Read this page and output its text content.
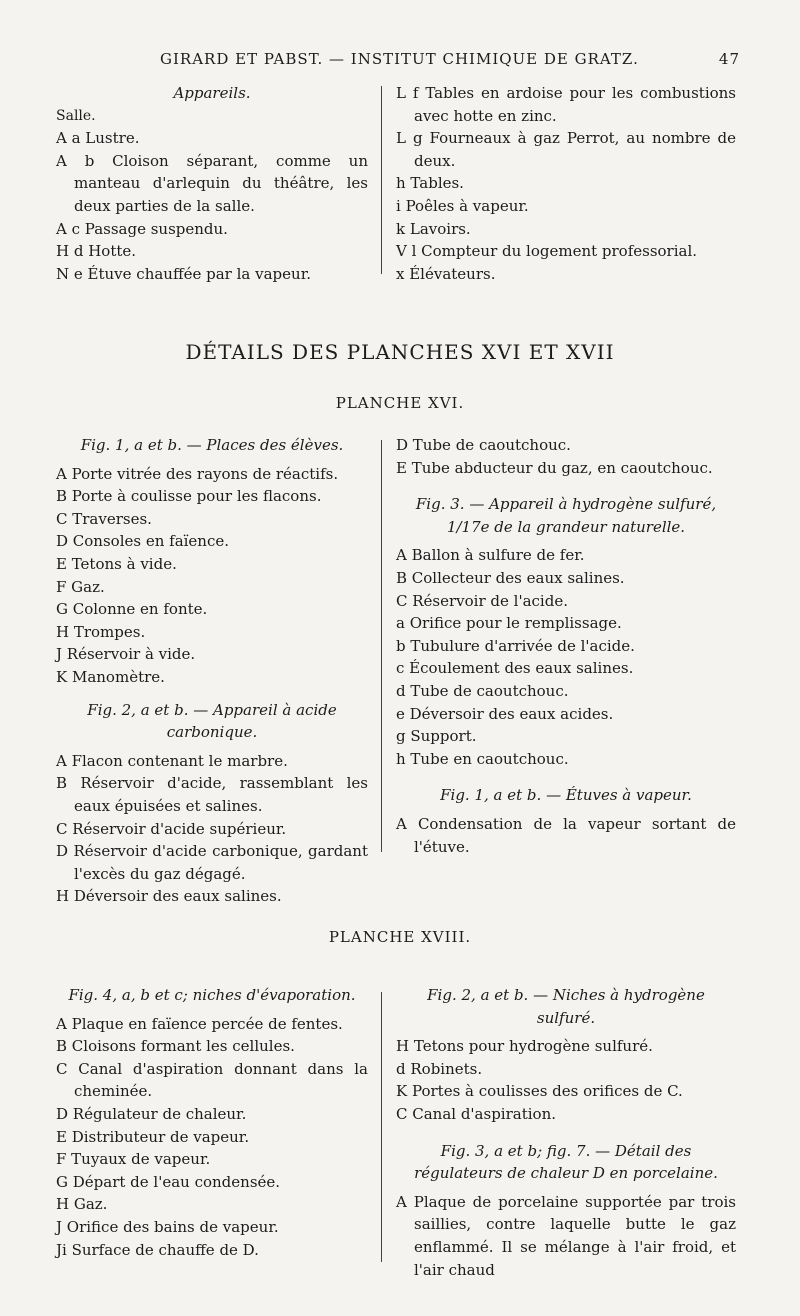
GIRARD ET PABST. — INSTITUT CHIMIQUE DE GRATZ.	47

Appareils.

Salle.

A a Lustre.

A b Cloison séparant, comme un manteau d'arlequin du théâtre, les deux parties de la salle.

A c Passage suspendu.

H d Hotte.

N e Étuve chauffée par la vapeur.

L f Tables en ardoise pour les combustions avec hotte en zinc.

L g Fourneaux à gaz Perrot, au nombre de deux.

h Tables.

i Poêles à vapeur.

k Lavoirs.

V l Compteur du logement professorial.

x Élévateurs.

DÉTAILS DES PLANCHES XVI ET XVII
PLANCHE XVI.

Fig. 1, a et b. — Places des élèves.

A Porte vitrée des rayons de réactifs.

B Porte à coulisse pour les flacons.

C Traverses.

D Consoles en faïence.

E Tetons à vide.

F Gaz.

G Colonne en fonte.

H Trompes.

J Réservoir à vide.

K Manomètre.

Fig. 2, a et b. — Appareil à acide carbonique.

A Flacon contenant le marbre.

B Réservoir d'acide, rassemblant les eaux épuisées et salines.

C Réservoir d'acide supérieur.

D Réservoir d'acide carbonique, gardant l'excès du gaz dégagé.

H Déversoir des eaux salines.

D Tube de caoutchouc.

E Tube abducteur du gaz, en caoutchouc.

Fig. 3. — Appareil à hydrogène sulfuré, 1/17e de la grandeur naturelle.

A Ballon à sulfure de fer.

B Collecteur des eaux salines.

C Réservoir de l'acide.

a Orifice pour le remplissage.

b Tubulure d'arrivée de l'acide.

c Écoulement des eaux salines.

d Tube de caoutchouc.

e Déversoir des eaux acides.

g Support.

h Tube en caoutchouc.

Fig. 1, a et b. — Étuves à vapeur.

A Condensation de la vapeur sortant de l'étuve.

PLANCHE XVIII.

Fig. 4, a, b et c; niches d'évaporation.

A Plaque en faïence percée de fentes.

B Cloisons formant les cellules.

C Canal d'aspiration donnant dans la cheminée.

D Régulateur de chaleur.

E Distributeur de vapeur.

F Tuyaux de vapeur.

G Départ de l'eau condensée.

H Gaz.

J Orifice des bains de vapeur.

Ji Surface de chauffe de D.

Fig. 2, a et b. — Niches à hydrogène sulfuré.

H Tetons pour hydrogène sulfuré.

d Robinets.

K Portes à coulisses des orifices de C.

C Canal d'aspiration.

Fig. 3, a et b; fig. 7. — Détail des régulateurs de chaleur D en porcelaine.

A Plaque de porcelaine supportée par trois saillies, contre laquelle butte le gaz enflammé. Il se mélange à l'air froid, et l'air chaud
